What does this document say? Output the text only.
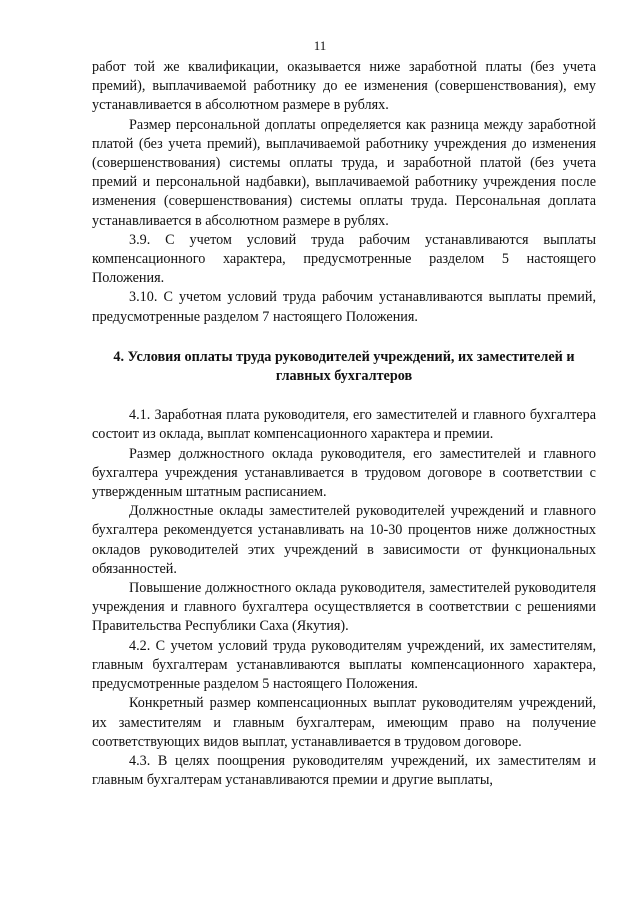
11

работ той же квалификации, оказывается ниже заработной платы (без учета премий), выплачиваемой работнику до ее изменения (совершенствования), ему устанавливается в абсолютном размере в рублях.

Размер персональной доплаты определяется как разница между заработной платой (без учета премий), выплачиваемой работнику учреждения до изменения (совершенствования) системы оплаты труда, и заработной платой (без учета премий и персональной надбавки), выплачиваемой работнику учреждения после изменения (совершенствования) системы оплаты труда. Персональная доплата устанавливается в абсолютном размере в рублях.

3.9. С учетом условий труда рабочим устанавливаются выплаты компенсационного характера, предусмотренные разделом 5 настоящего Положения.

3.10. С учетом условий труда рабочим устанавливаются выплаты премий, предусмотренные разделом 7 настоящего Положения.

4. Условия оплаты труда руководителей учреждений, их заместителей и главных бухгалтеров

4.1. Заработная плата руководителя, его заместителей и главного бухгалтера состоит из оклада, выплат компенсационного характера и премии.

Размер должностного оклада руководителя, его заместителей и главного бухгалтера учреждения устанавливается в трудовом договоре в соответствии с утвержденным штатным расписанием.

Должностные оклады заместителей руководителей учреждений и главного бухгалтера рекомендуется устанавливать на 10-30 процентов ниже должностных окладов руководителей этих учреждений в зависимости от функциональных обязанностей.

Повышение должностного оклада руководителя, заместителей руководителя учреждения и главного бухгалтера осуществляется в соответствии с решениями Правительства Республики Саха (Якутия).

4.2. С учетом условий труда руководителям учреждений, их заместителям, главным бухгалтерам устанавливаются выплаты компенсационного характера, предусмотренные разделом 5 настоящего Положения.

Конкретный размер компенсационных выплат руководителям учреждений, их заместителям и главным бухгалтерам, имеющим право на получение соответствующих видов выплат, устанавливается в трудовом договоре.

4.3. В целях поощрения руководителям учреждений, их заместителям и главным бухгалтерам устанавливаются премии и другие выплаты,
